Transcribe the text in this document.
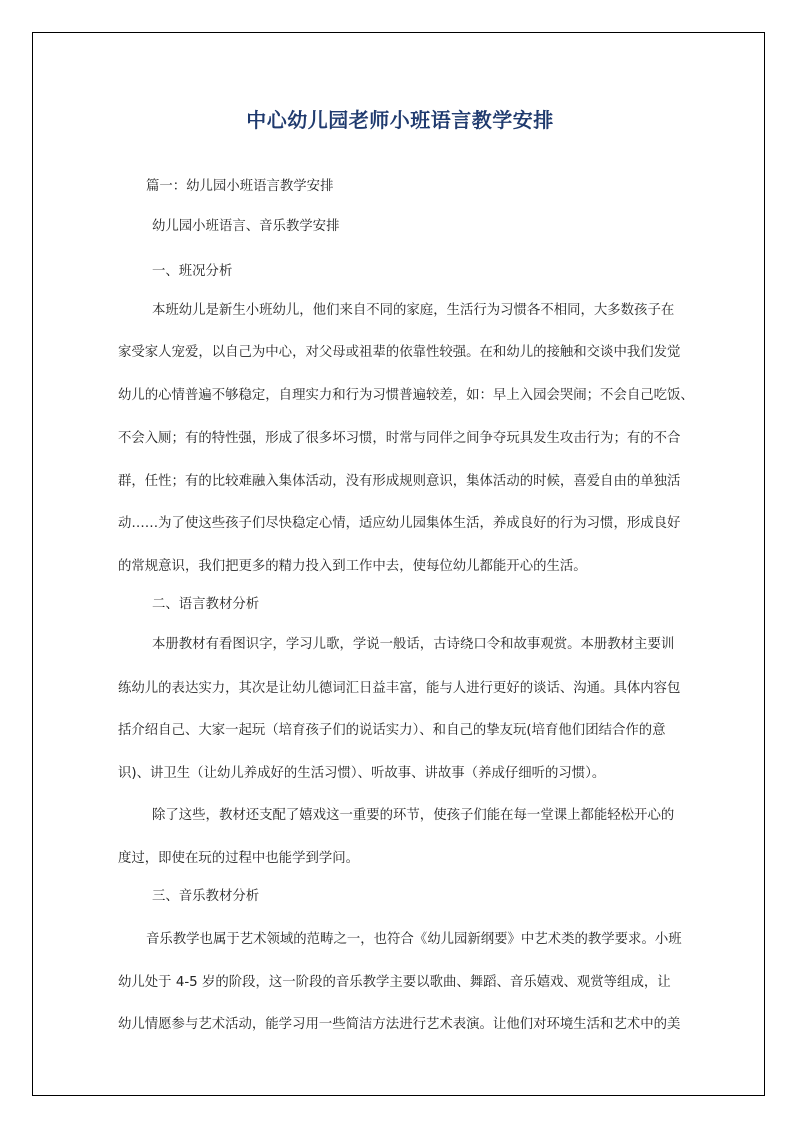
中心幼儿园老师小班语言教学安排
篇一：幼儿园小班语言教学安排
幼儿园小班语言、音乐教学安排
一、班况分析
本班幼儿是新生小班幼儿，他们来自不同的家庭，生活行为习惯各不相同，大多数孩子在
家受家人宠爱，以自己为中心，对父母或祖辈的依靠性较强。在和幼儿的接触和交谈中我们发觉
幼儿的心情普遍不够稳定，自理实力和行为习惯普遍较差，如：早上入园会哭闹；不会自己吃饭、
不会入厕；有的特性强，形成了很多坏习惯，时常与同伴之间争夺玩具发生攻击行为；有的不合
群，任性；有的比较难融入集体活动，没有形成规则意识，集体活动的时候，喜爱自由的单独活
动……为了使这些孩子们尽快稳定心情，适应幼儿园集体生活，养成良好的行为习惯，形成良好
的常规意识，我们把更多的精力投入到工作中去，使每位幼儿都能开心的生活。
二、语言教材分析
本册教材有看图识字，学习儿歌，学说一般话，古诗绕口令和故事观赏。本册教材主要训
练幼儿的表达实力，其次是让幼儿德词汇日益丰富，能与人进行更好的谈话、沟通。具体内容包
括介绍自己、大家一起玩（培育孩子们的说话实力）、和自己的挚友玩(培育他们团结合作的意
识)、讲卫生（让幼儿养成好的生活习惯）、听故事、讲故事（养成仔细听的习惯）。
除了这些，教材还支配了嬉戏这一重要的环节，使孩子们能在每一堂课上都能轻松开心的
度过，即使在玩的过程中也能学到学问。
三、音乐教材分析
音乐教学也属于艺术领域的范畴之一，也符合《幼儿园新纲要》中艺术类的教学要求。小班
幼儿处于 4-5 岁的阶段，这一阶段的音乐教学主要以歌曲、舞蹈、音乐嬉戏、观赏等组成，让
幼儿情愿参与艺术活动，能学习用一些简洁方法进行艺术表演。让他们对环境生活和艺术中的美
